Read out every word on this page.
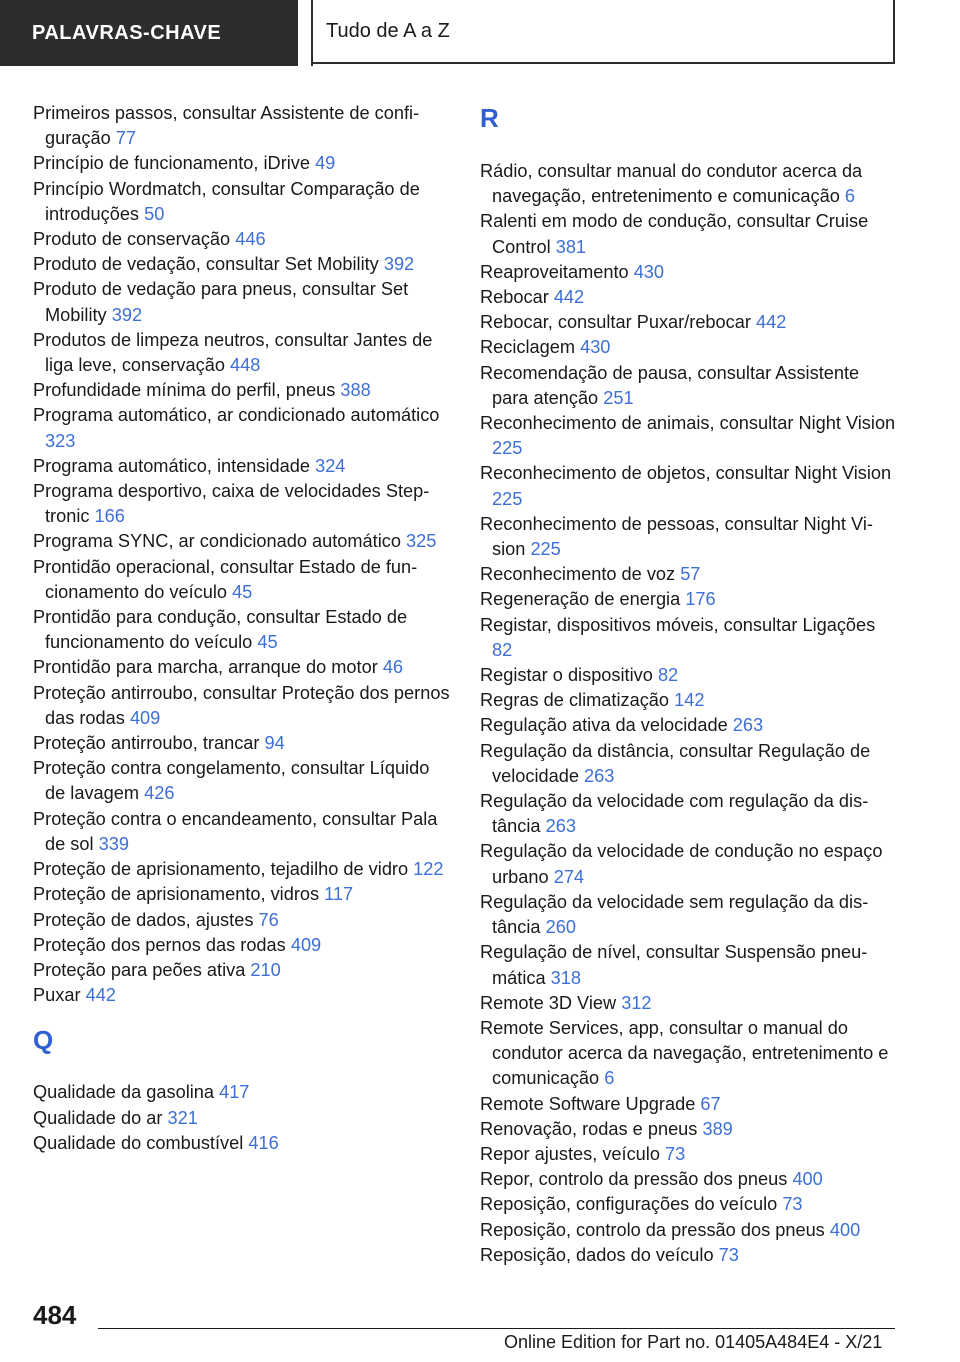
PALAVRAS-CHAVE	Tudo de A a Z
Primeiros passos, consultar Assistente de configuração 77
Princípio de funcionamento, iDrive 49
Princípio Wordmatch, consultar Comparação de introduções 50
Produto de conservação 446
Produto de vedação, consultar Set Mobility 392
Produto de vedação para pneus, consultar Set Mobility 392
Produtos de limpeza neutros, consultar Jantes de liga leve, conservação 448
Profundidade mínima do perfil, pneus 388
Programa automático, ar condicionado automático 323
Programa automático, intensidade 324
Programa desportivo, caixa de velocidades Steptronic 166
Programa SYNC, ar condicionado automático 325
Prontidão operacional, consultar Estado de funcionamento do veículo 45
Prontidão para condução, consultar Estado de funcionamento do veículo 45
Prontidão para marcha, arranque do motor 46
Proteção antirroubo, consultar Proteção dos pernos das rodas 409
Proteção antirroubo, trancar 94
Proteção contra congelamento, consultar Líquido de lavagem 426
Proteção contra o encandeamento, consultar Pala de sol 339
Proteção de aprisionamento, tejadilho de vidro 122
Proteção de aprisionamento, vidros 117
Proteção de dados, ajustes 76
Proteção dos pernos das rodas 409
Proteção para peões ativa 210
Puxar 442
Q
Qualidade da gasolina 417
Qualidade do ar 321
Qualidade do combustível 416
R
Rádio, consultar manual do condutor acerca da navegação, entretenimento e comunicação 6
Ralenti em modo de condução, consultar Cruise Control 381
Reaproveitamento 430
Rebocar 442
Rebocar, consultar Puxar/rebocar 442
Reciclagem 430
Recomendação de pausa, consultar Assistente para atenção 251
Reconhecimento de animais, consultar Night Vision 225
Reconhecimento de objetos, consultar Night Vision 225
Reconhecimento de pessoas, consultar Night Vision 225
Reconhecimento de voz 57
Regeneração de energia 176
Registar, dispositivos móveis, consultar Ligações 82
Registar o dispositivo 82
Regras de climatização 142
Regulação ativa da velocidade 263
Regulação da distância, consultar Regulação de velocidade 263
Regulação da velocidade com regulação da distância 263
Regulação da velocidade de condução no espaço urbano 274
Regulação da velocidade sem regulação da distância 260
Regulação de nível, consultar Suspensão pneumática 318
Remote 3D View 312
Remote Services, app, consultar o manual do condutor acerca da navegação, entretenimento e comunicação 6
Remote Software Upgrade 67
Renovação, rodas e pneus 389
Repor ajustes, veículo 73
Repor, controlo da pressão dos pneus 400
Reposição, configurações do veículo 73
Reposição, controlo da pressão dos pneus 400
Reposição, dados do veículo 73
484
Online Edition for Part no. 01405A484E4 - X/21
